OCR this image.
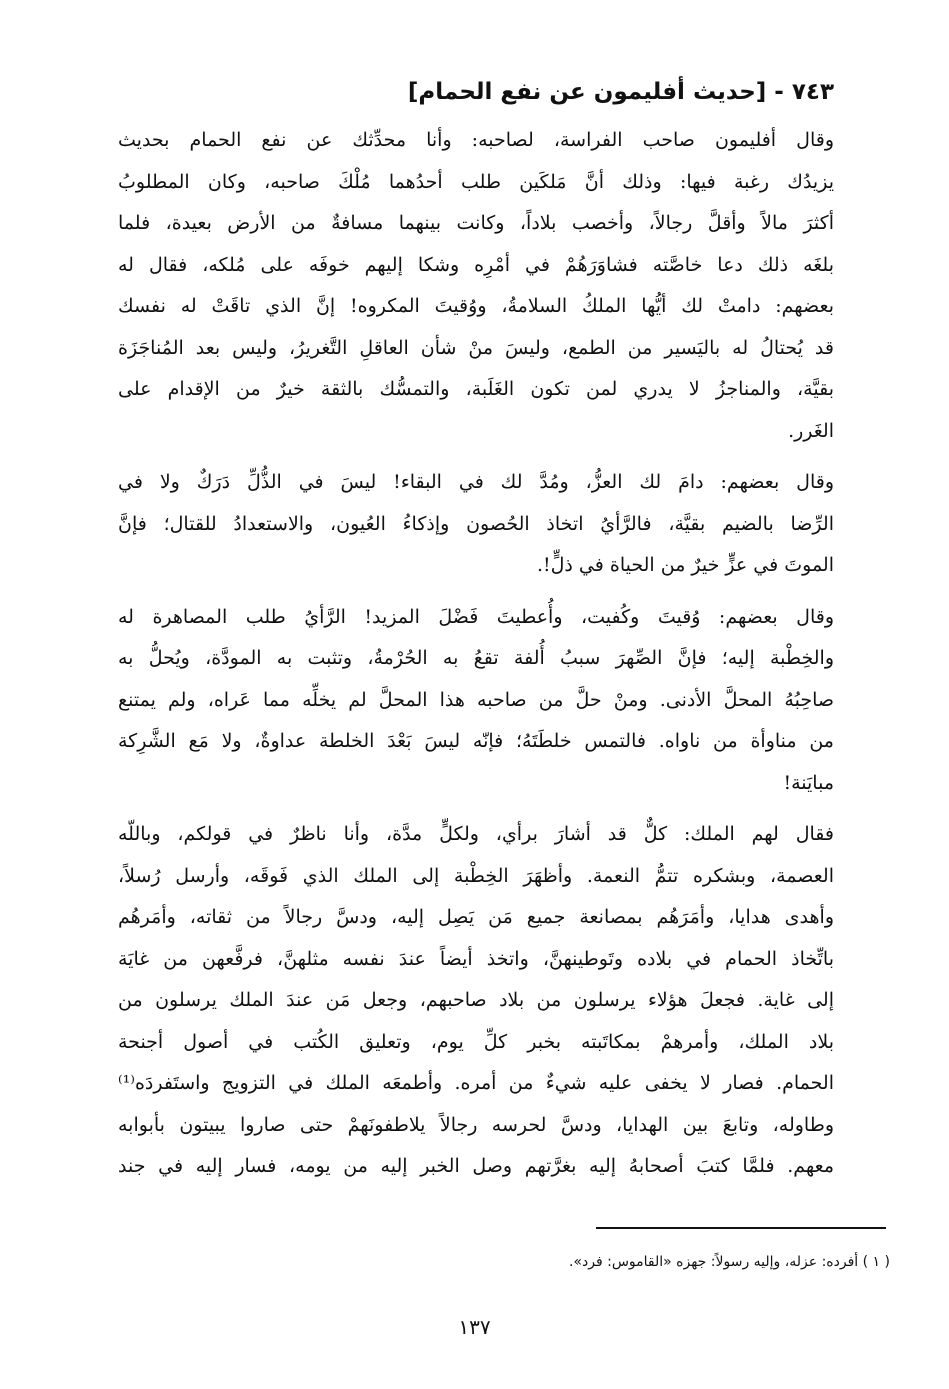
٧٤٣ - [حديث أفليمون عن نفع الحمام]
وقال أفليمون صاحب الفراسة، لصاحبه: وأنا محدِّثك عن نفع الحمام بحديث
يزيدُك رغبة فيها: وذلك أنَّ مَلكَين طلب أحدُهما مُلْكَ صاحبه، وكان المطلوبُ
أكثرَ مالاً وأقلَّ رجالاً، وأخصب بلاداً، وكانت بينهما مسافةٌ من الأرض بعيدة، فلما
بلغَه ذلك دعا خاصَّته فشاوَرَهُمْ في أمْرِه وشكا إليهم خوفَه على مُلكه، فقال له
بعضهم: دامتْ لك أيُّها الملكُ السلامةُ، ووُقيتَ المكروه! إنَّ الذي تاقَتْ له نفسك
قد يُحتالُ له باليَسير من الطمع، وليسَ منْ شأن العاقلِ التَّغريرُ، وليس بعد المُناجَزَة
بقيَّة، والمناجزُ لا يدري لمن تكون الغَلَبة، والتمسُّك بالثقة خيرٌ من الإقدام على
الغَرر.
وقال بعضهم: دامَ لك العزُّ، ومُدَّ لك في البقاء! ليسَ في الذُّلِّ دَرَكٌ ولا في
الرِّضا بالضيم بقيَّة، فالرَّأيُ اتخاذ الحُصون وإذكاءُ العُيون، والاستعدادُ للقتال؛ فإنَّ
الموتَ في عزٍّ خيرٌ من الحياة في ذلٍّ!.
وقال بعضهم: وُقيتَ وكُفيت، وأُعطيتَ فَضْلَ المزيد! الرَّأيُ طلب المصاهرة له
والخِطْبة إليه؛ فإنَّ الصِّهرَ سببُ أُلفة تقعُ به الحُرْمةُ، وتثبت به المودَّة، ويُحلُّ به
صاحِبُهُ المحلَّ الأدنى. ومنْ حلَّ من صاحبه هذا المحلَّ لم يخلِّه مما عَراه، ولم يمتنع
من مناوأة من ناواه. فالتمس خلطَتَهُ؛ فإنّه ليسَ بَعْدَ الخلطة عداوةٌ، ولا مَع الشَّرِكة
مبايَنة!
فقال لهم الملك: كلٌّ قد أشارَ برأي، ولكلٍّ مدَّة، وأنا ناظرٌ في قولكم، وباللّه
العصمة، وبشكره تتمُّ النعمة. وأظهَرَ الخِطْبة إلى الملك الذي فَوقَه، وأرسل رُسلاً،
وأهدى هدايا، وأمَرَهُم بمصانعة جميع مَن يَصِل إليه، ودسَّ رجالاً من ثقاته، وأمَرهُم
باتِّخاذ الحمام في بلاده وتَوطينهنَّ، واتخذ أيضاً عندَ نفسه مثلهنَّ، فرفَّعهن من غايَة
إلى غاية. فجعلَ هؤلاء يرسلون من بلاد صاحبهم، وجعل مَن عندَ الملك يرسلون من
بلاد الملك، وأمرهمْ بمكاتَبته بخبر كلِّ يوم، وتعليق الكُتب في أصول أجنحة
الحمام. فصار لا يخفى عليه شيءٌ من أمره. وأطمعَه الملك في التزويج واستَفردَه⁽¹⁾
وطاوله، وتابعَ بين الهدايا، ودسَّ لحرسه رجالاً يلاطفونَهمْ حتى صاروا يبيتون بأبوابه
معهم. فلمَّا كتبَ أصحابهُ إليه بغرَّتهم وصل الخبر إليه من يومه، فسار إليه في جند
( ١ ) أفرده: عزله، وإليه رسولاً: جهزه «القاموس: فرد».
١٣٧
